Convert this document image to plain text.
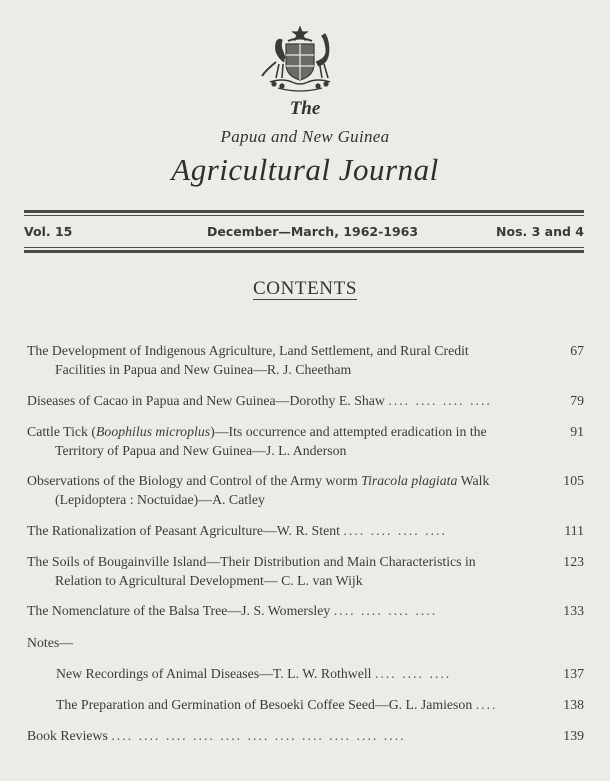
The
Papua and New Guinea
Agricultural Journal
Vol. 15	December—March, 1962-1963	Nos. 3 and 4
CONTENTS
The Development of Indigenous Agriculture, Land Settlement, and Rural Credit
Facilities in Papua and New Guinea—R. J. Cheetham
67
Diseases of Cacao in Papua and New Guinea—Dorothy E. Shaw .... .... .... ....	79
Cattle Tick (Boophilus microplus)—Its occurrence and attempted eradication in the
Territory of Papua and New Guinea—J. L. Anderson
91
Observations of the Biology and Control of the Army worm Tiracola plagiata Walk
(Lepidoptera : Noctuidae)—A. Catley
105
The Rationalization of Peasant Agriculture—W. R. Stent .... .... .... ....	111
The Soils of Bougainville Island—Their Distribution and Main Characteristics in
Relation to Agricultural Development— C. L. van Wijk
123
The Nomenclature of the Balsa Tree—J. S. Womersley .... .... .... ....	133
Notes—
New Recordings of Animal Diseases—T. L. W. Rothwell .... .... ....	137
The Preparation and Germination of Besoeki Coffee Seed—G. L. Jamieson ....	138
Book Reviews .... .... .... .... .... .... .... .... .... .... ....	139
